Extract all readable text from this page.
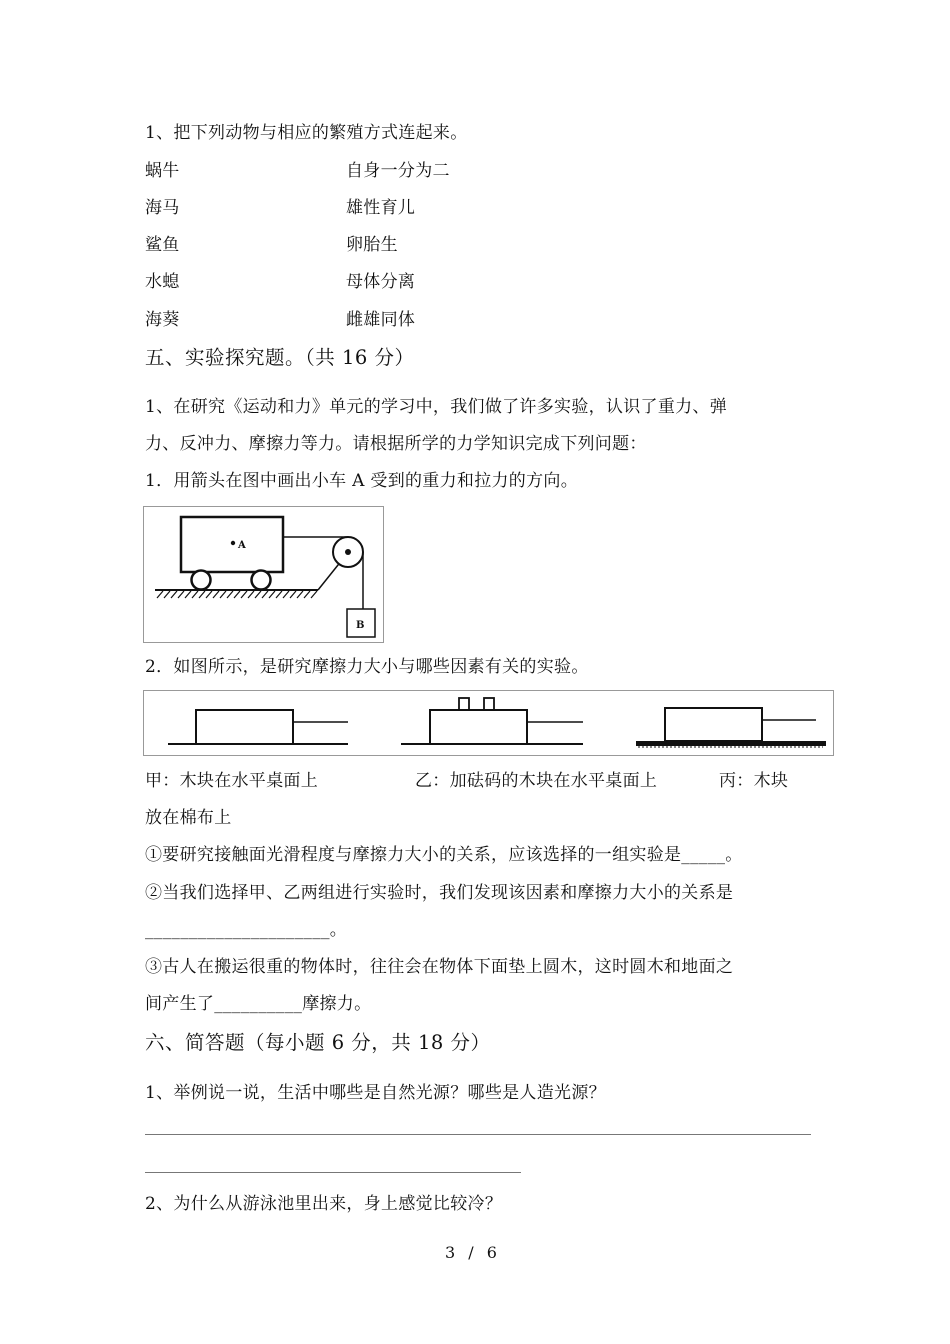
1、把下列动物与相应的繁殖方式连起来。
蜗牛
海马
鲨鱼
水螅
海葵
自身一分为二
雄性育儿
卵胎生
母体分离
雌雄同体
五、实验探究题。（共 16 分）
1、在研究《运动和力》单元的学习中，我们做了许多实验，认识了重力、弹
力、反冲力、摩擦力等力。请根据所学的力学知识完成下列问题：
1．用箭头在图中画出小车 A 受到的重力和拉力的方向。
A
B
2．如图所示，是研究摩擦力大小与哪些因素有关的实验。
甲：木块在水平桌面上	乙：加砝码的木块在水平桌面上	丙：木块
放在棉布上
①要研究接触面光滑程度与摩擦力大小的关系，应该选择的一组实验是_____。
②当我们选择甲、乙两组进行实验时，我们发现该因素和摩擦力大小的关系是
_____________________。
③古人在搬运很重的物体时，往往会在物体下面垫上圆木，这时圆木和地面之
间产生了__________摩擦力。
六、简答题（每小题 6 分，共 18 分）
1、举例说一说，生活中哪些是自然光源？哪些是人造光源？
2、为什么从游泳池里出来，身上感觉比较冷？
3 / 6
